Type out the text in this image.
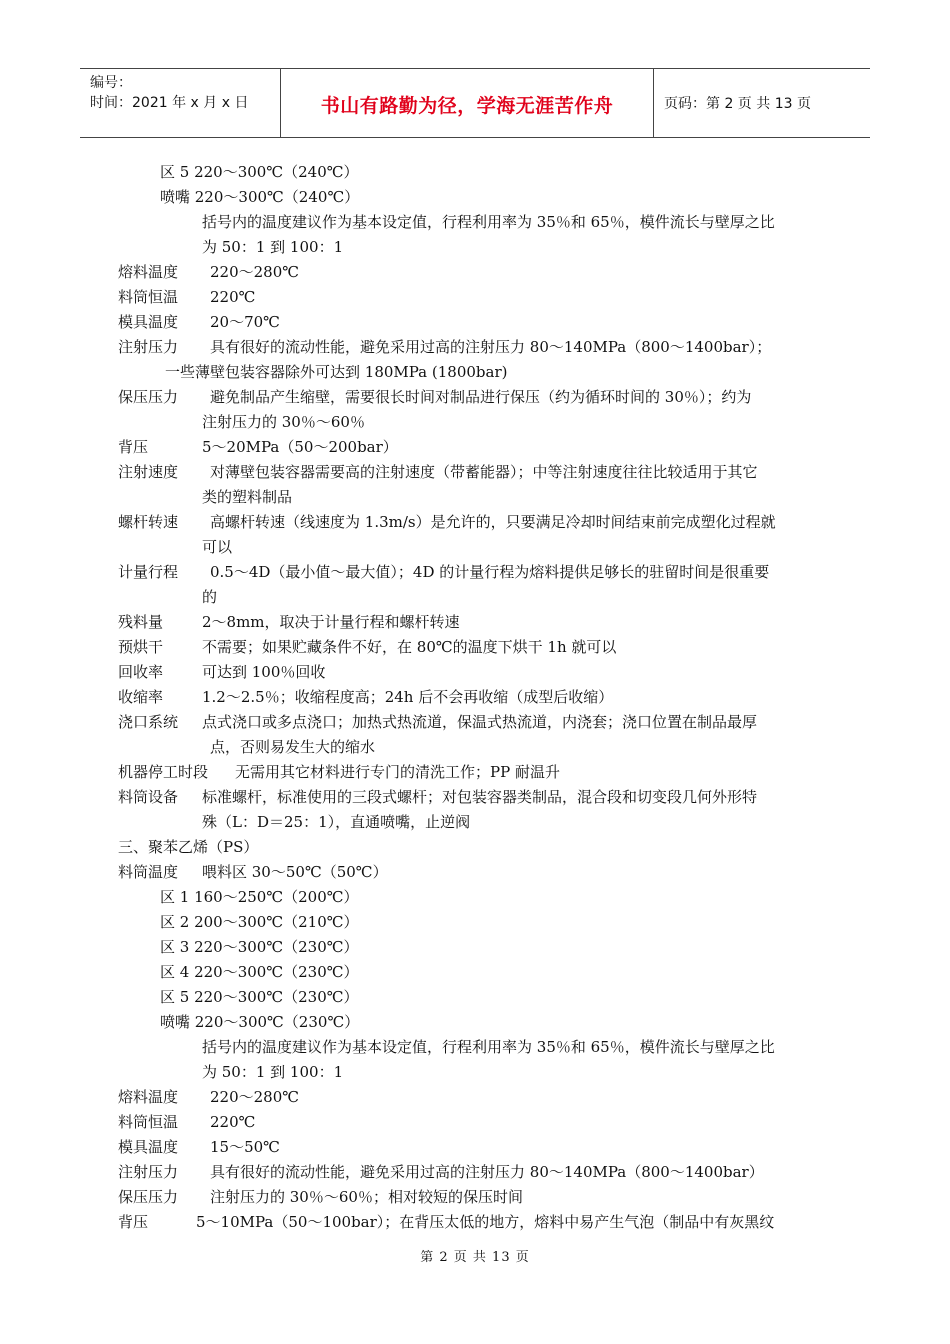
编号：
时间：2021 年 x 月 x 日	书山有路勤为径，学海无涯苦作舟	页码：第 2 页 共 13 页
区 5 220～300℃（240℃）
喷嘴 220～300℃（240℃）
括号内的温度建议作为基本设定值，行程利用率为 35％和 65％，模件流长与壁厚之比
为 50：1 到 100：1
熔料温度 220～280℃
料筒恒温 220℃
模具温度 20～70℃
注射压力 具有很好的流动性能，避免采用过高的注射压力 80～140MPa（800～1400bar）；
一些薄壁包装容器除外可达到 180MPa (1800bar)
保压压力 避免制品产生缩壁，需要很长时间对制品进行保压（约为循环时间的 30％）；约为
注射压力的 30％～60％
背压	5～20MPa（50～200bar）
注射速度 对薄壁包装容器需要高的注射速度（带蓄能器）；中等注射速度往往比较适用于其它
类的塑料制品
螺杆转速 高螺杆转速（线速度为 1.3m/s）是允许的，只要满足冷却时间结束前完成塑化过程就
可以
计量行程 0.5～4D（最小值～最大值）；4D 的计量行程为熔料提供足够长的驻留时间是很重要
的
残料量	2～8mm，取决于计量行程和螺杆转速
预烘干	不需要；如果贮藏条件不好，在 80℃的温度下烘干 1h 就可以
回收率	可达到 100％回收
收缩率	1.2～2.5％；收缩程度高；24h 后不会再收缩（成型后收缩）
浇口系统 点式浇口或多点浇口；加热式热流道，保温式热流道，内浇套；浇口位置在制品最厚
点，否则易发生大的缩水
机器停工时段 无需用其它材料进行专门的清洗工作；PP 耐温升
料筒设备 标准螺杆，标准使用的三段式螺杆；对包装容器类制品，混合段和切变段几何外形特
殊（L：D＝25：1），直通喷嘴，止逆阀
三、聚苯乙烯（PS）
料筒温度 喂料区 30～50℃（50℃）
区 1 160～250℃（200℃）
区 2 200～300℃（210℃）
区 3 220～300℃（230℃）
区 4 220～300℃（230℃）
区 5 220～300℃（230℃）
喷嘴 220～300℃（230℃）
括号内的温度建议作为基本设定值，行程利用率为 35％和 65％，模件流长与壁厚之比
为 50：1 到 100：1
熔料温度 220～280℃
料筒恒温 220℃
模具温度 15～50℃
注射压力 具有很好的流动性能，避免采用过高的注射压力 80～140MPa（800～1400bar）
保压压力 注射压力的 30％～60％；相对较短的保压时间
背压	5～10MPa（50～100bar）；在背压太低的地方，熔料中易产生气泡（制品中有灰黑纹
第 2 页 共 13 页
